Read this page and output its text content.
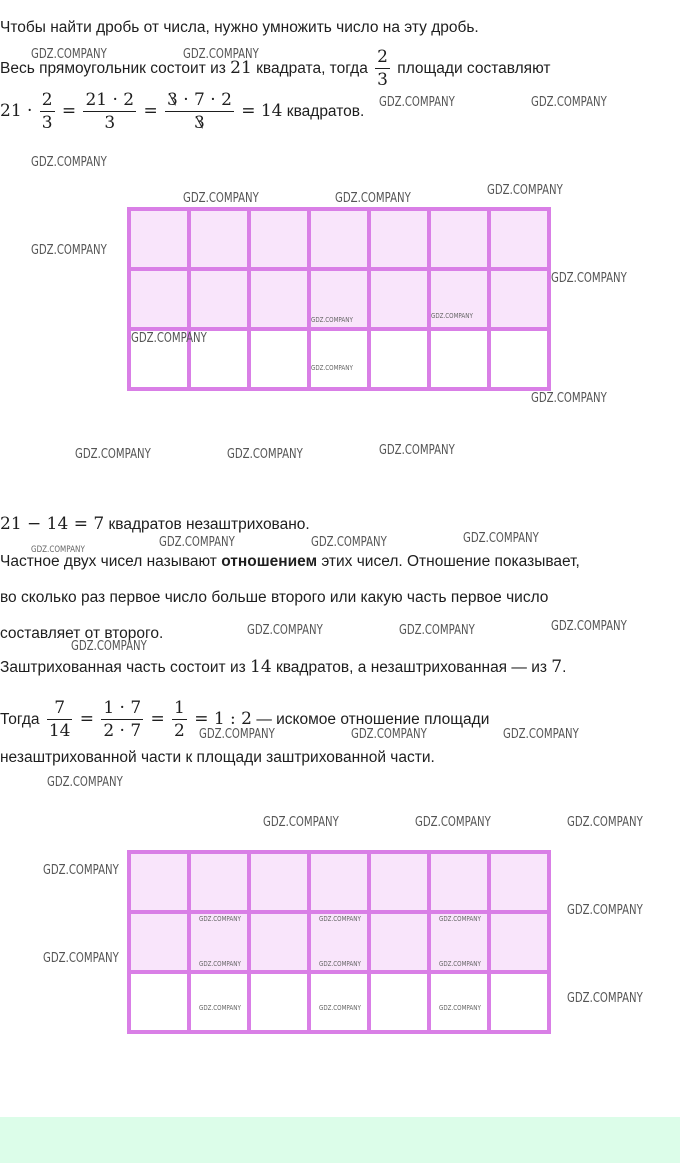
Чтобы найти дробь от числа, нужно умножить число на эту дробь.
Весь прямоугольник состоит из 21 квадрата, тогда $\frac{2}{3}$ площади составляют
$21 \cdot \frac{2}{3} = \frac{21 \cdot 2}{3} = \frac{3 \cdot 7 \cdot 2}{3} = 14$ квадратов.
21 − 14 = 7 квадратов незаштриховано.
Частное двух чисел называют отношением этих чисел. Отношение показывает,
во сколько раз первое число больше второго или какую часть первое число
составляет от второго.
Заштрихованная часть состоит из 14 квадратов, а незаштрихованная — из 7.
Тогда $\frac{7}{14} = \frac{1 \cdot 7}{2 \cdot 7} = \frac{1}{2} = 1$ : 2 — искомое отношение площади
незаштрихованной части к площади заштрихованной части.
GDZ.COMPANY	GDZ.COMPANY
GDZ.COMPANY	GDZ.COMPANY
GDZ.COMPANY
GDZ.COMPANY	GDZ.COMPANY
GDZ.COMPANY
GDZ.COMPANY
GDZ.COMPANY
GDZ.COMPANY
GDZ.COMPANY
GDZ.COMPANY	GDZ.COMPANY	GDZ.COMPANY
GDZ.COMPANY	GDZ.COMPANY	GDZ.COMPANY
GDZ.COMPANY	GDZ.COMPANY	GDZ.COMPANY
GDZ.COMPANY
GDZ.COMPANY	GDZ.COMPANY	GDZ.COMPANY
GDZ.COMPANY
GDZ.COMPANY	GDZ.COMPANY	GDZ.COMPANY
GDZ.COMPANY
GDZ.COMPANY
GDZ.COMPANY
GDZ.COMPANY
GDZ.COMPANY
GDZ.COMPANY	GDZ.COMPANY
GDZ.COMPANY
GDZ.COMPANY	GDZ.COMPANY	GDZ.COMPANY
GDZ.COMPANY	GDZ.COMPANY	GDZ.COMPANY
GDZ.COMPANY	GDZ.COMPANY	GDZ.COMPANY
